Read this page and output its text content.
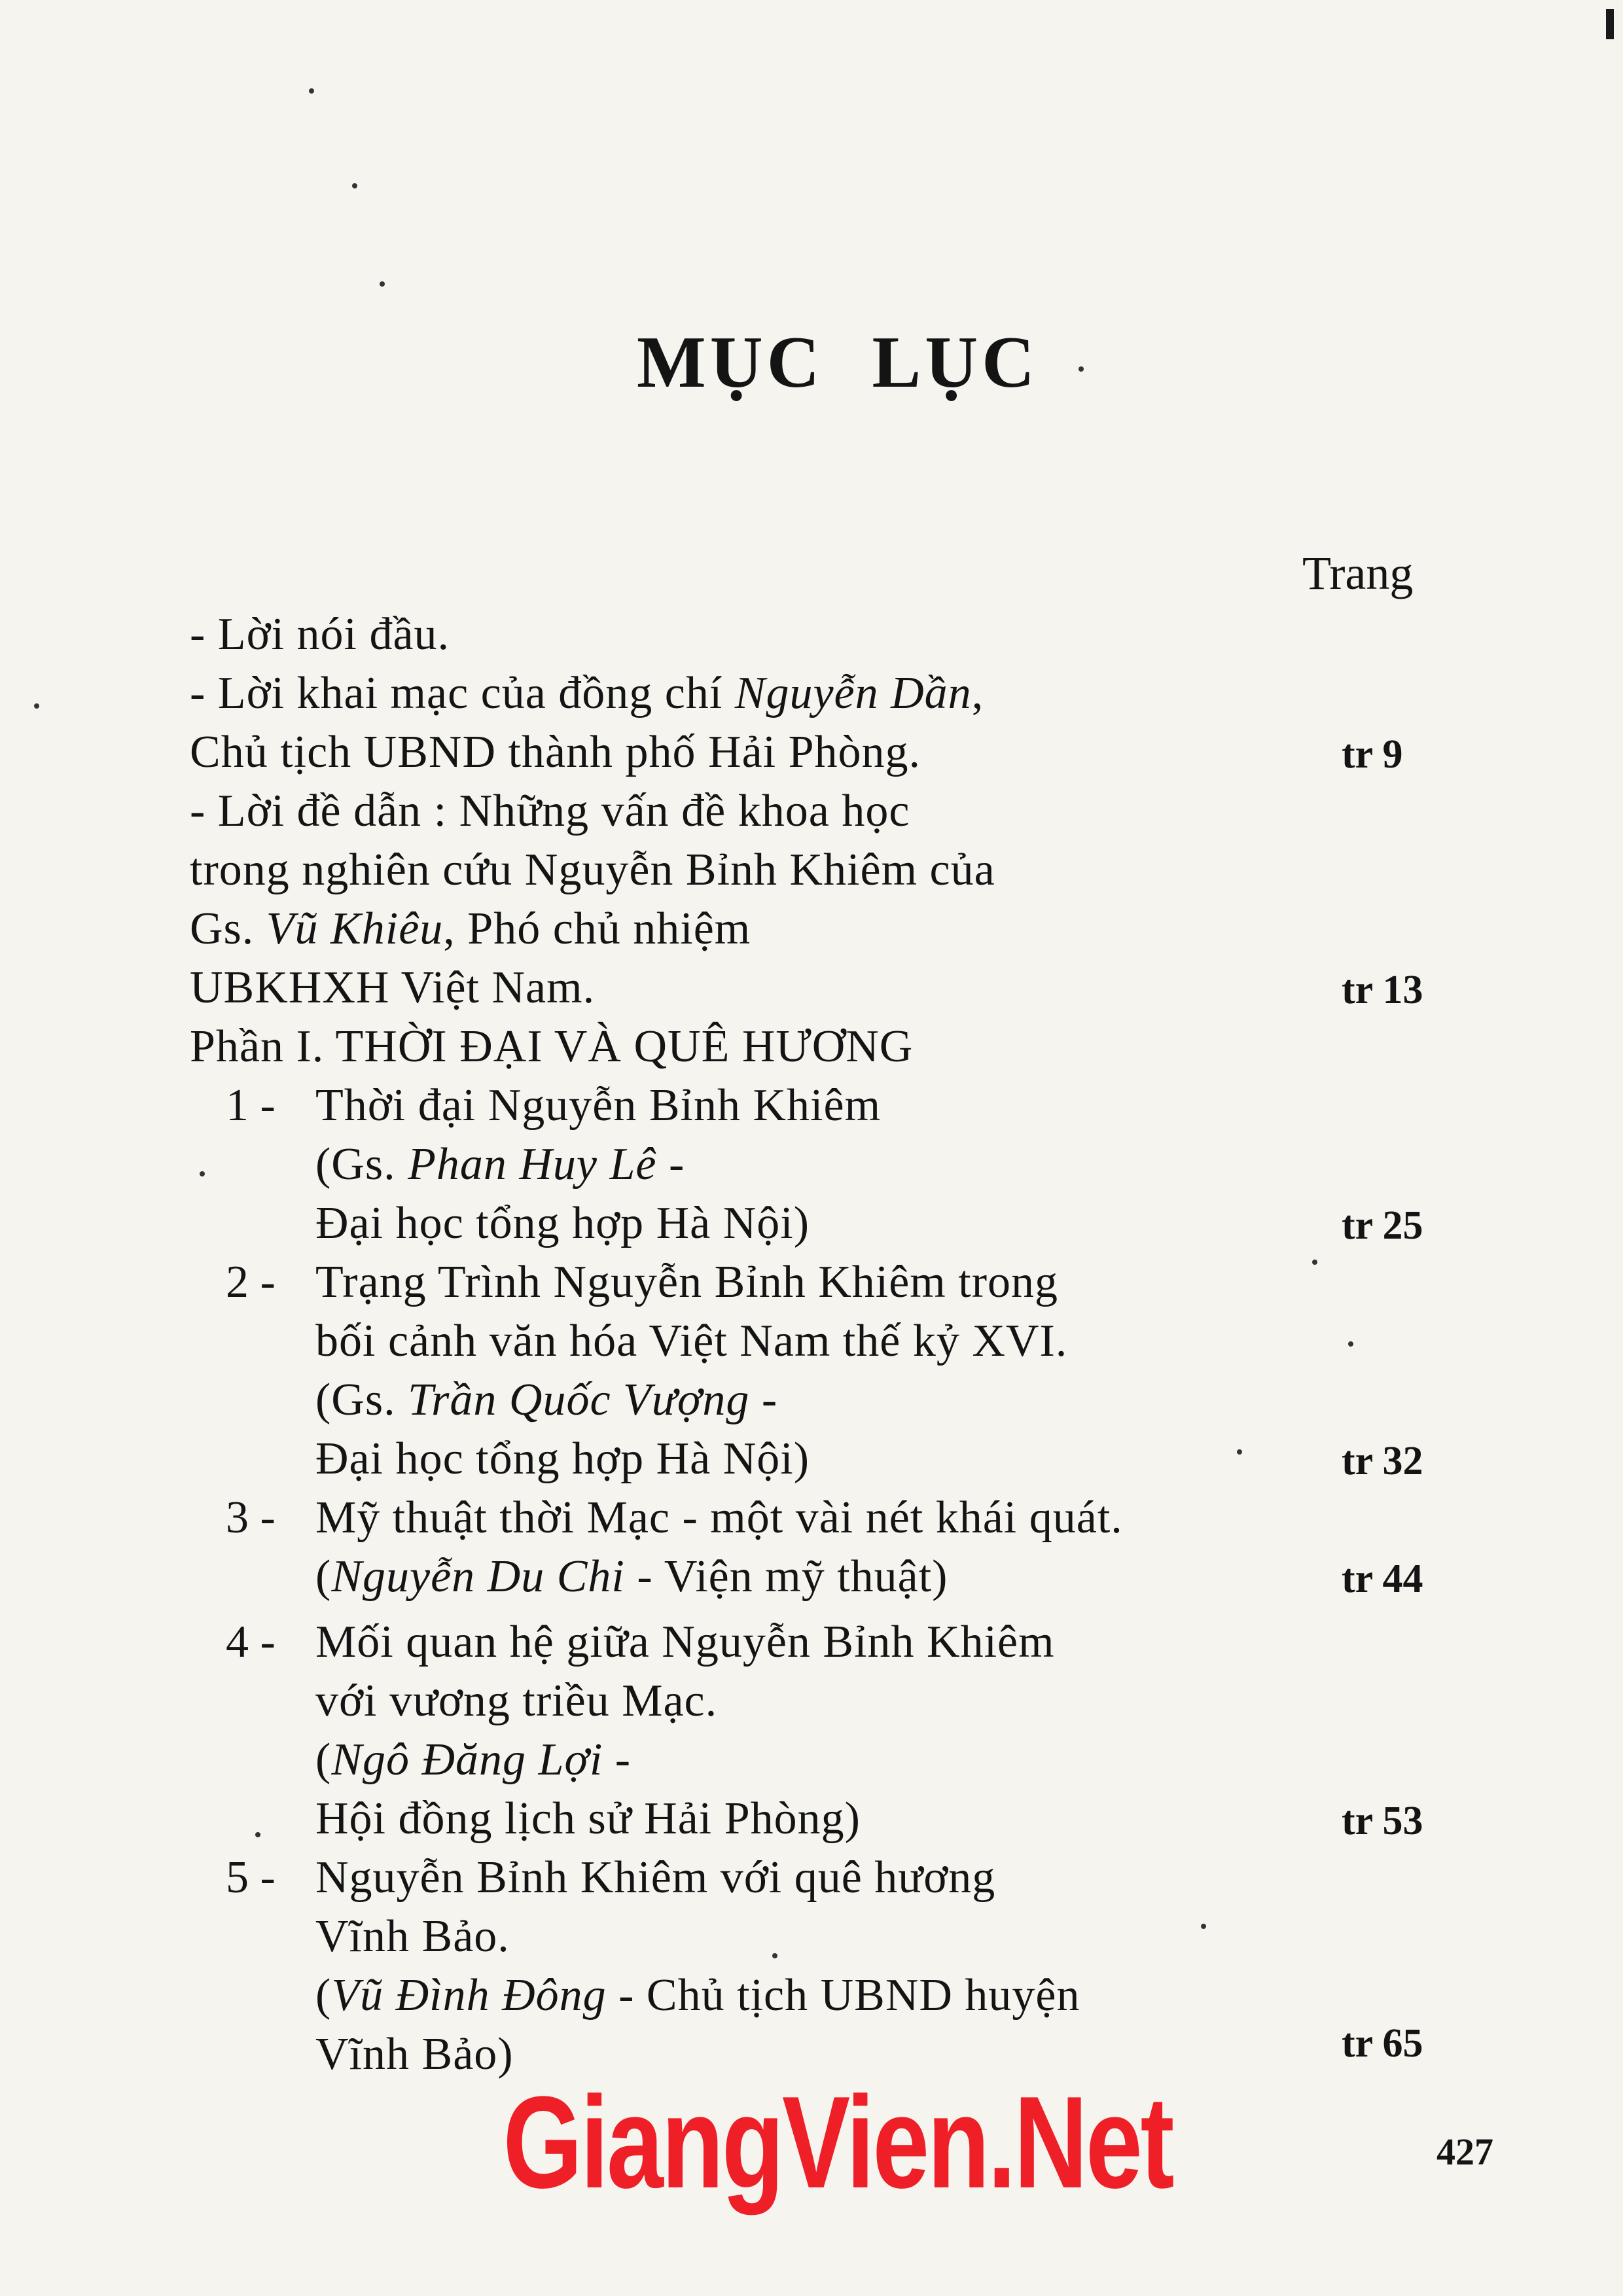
MỤC LỤC
Trang
- Lời nói đầu.
- Lời khai mạc của đồng chí Nguyễn Dần,
Chủ tịch UBND thành phố Hải Phòng.	tr 9
- Lời đề dẫn : Những vấn đề khoa học
trong nghiên cứu Nguyễn Bỉnh Khiêm của
Gs. Vũ Khiêu, Phó chủ nhiệm
UBKHXH Việt Nam.	tr 13
Phần I. THỜI ĐẠI VÀ QUÊ HƯƠNG
1 - Thời đại Nguyễn Bỉnh Khiêm
(Gs. Phan Huy Lê -
Đại học tổng hợp Hà Nội)	tr 25
2 - Trạng Trình Nguyễn Bỉnh Khiêm trong
bối cảnh văn hóa Việt Nam thế kỷ XVI.
(Gs. Trần Quốc Vượng -
Đại học tổng hợp Hà Nội)	tr 32
3 - Mỹ thuật thời Mạc - một vài nét khái quát.
(Nguyễn Du Chi - Viện mỹ thuật)	tr 44
4 - Mối quan hệ giữa Nguyễn Bỉnh Khiêm
với vương triều Mạc.
(Ngô Đăng Lợi -
Hội đồng lịch sử Hải Phòng)	tr 53
5 - Nguyễn Bỉnh Khiêm với quê hương
Vĩnh Bảo.
(Vũ Đình Đông - Chủ tịch UBND huyện
Vĩnh Bảo)	tr 65
GiangVien.Net	427
